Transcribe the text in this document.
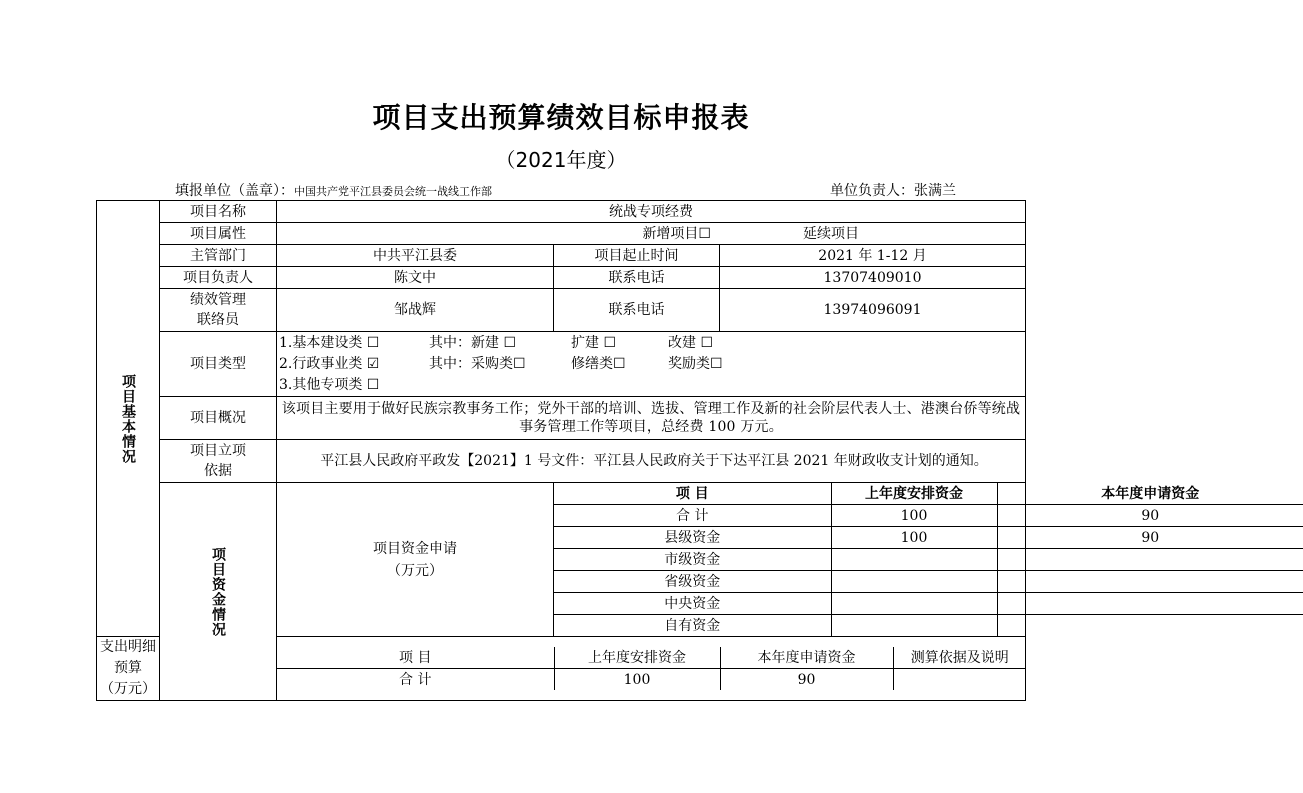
项目支出预算绩效目标申报表
（2021年度）
填报单位（盖章）：中国共产党平江县委员会统一战线工作部	单位负责人：张满兰
项目基本情况	项目名称	统战专项经费
项目属性	新增项目☐	延续项目
主管部门	中共平江县委	项目起止时间	2021 年 1-12 月
项目负责人	陈文中	联系电话	13707409010
绩效管理
联络员	邹战辉	联系电话	13974096091
项目类型	
1.基本建设类 ☐	其中：新建 ☐	扩建 ☐	改建 ☐
2.行政事业类 ☑	其中：采购类☐	修缮类☐	奖励类☐
3.其他专项类 ☐

项目概况	该项目主要用于做好民族宗教事务工作；党外干部的培训、选拔、管理工作及新的社会阶层代表人士、港澳台侨等统战事务管理工作等项目，总经费 100 万元。
项目立项
依据	平江县人民政府平政发【2021】1 号文件：平江县人民政府关于下达平江县 2021 年财政收支计划的通知。
项目资金情况	项目资金申请
（万元）	
项 目	上年度安排资金	本年度申请资金
合 计	100	90
县级资金	100	90
市级资金		
省级资金		
中央资金		
自有资金		

支出明细预算
（万元）	
项 目	上年度安排资金	本年度申请资金	测算依据及说明
合 计	100	90	
